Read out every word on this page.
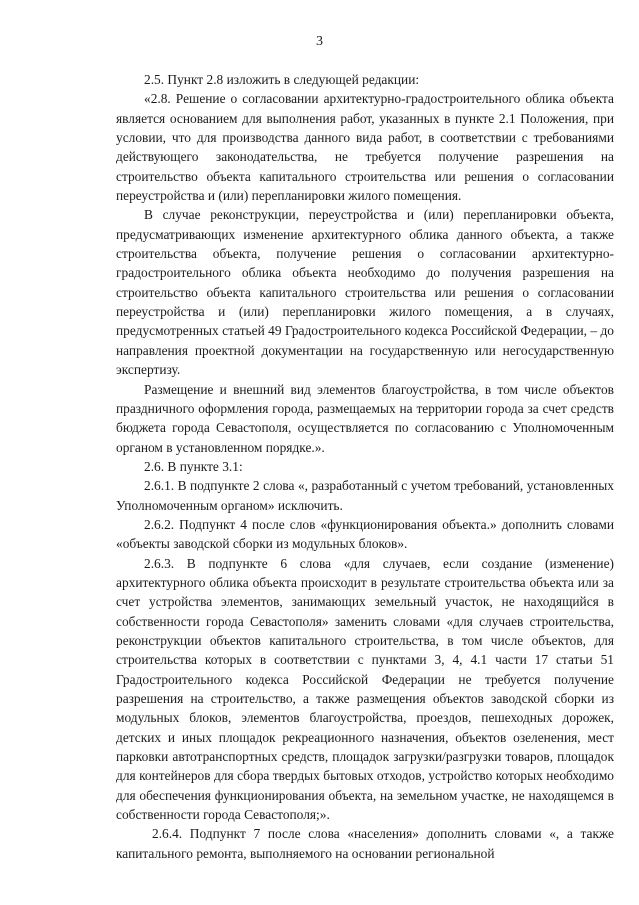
3

2.5. Пункт 2.8 изложить в следующей редакции:

«2.8. Решение о согласовании архитектурно-градостроительного облика объекта является основанием для выполнения работ, указанных в пункте 2.1 Положения, при условии, что для производства данного вида работ, в соответствии с требованиями действующего законодательства, не требуется получение разрешения на строительство объекта капитального строительства или решения о согласовании переустройства и (или) перепланировки жилого помещения.

В случае реконструкции, переустройства и (или) перепланировки объекта, предусматривающих изменение архитектурного облика данного объекта, а также строительства объекта, получение решения о согласовании архитектурно-градостроительного облика объекта необходимо до получения разрешения на строительство объекта капитального строительства или решения о согласовании переустройства и (или) перепланировки жилого помещения, а в случаях, предусмотренных статьей 49 Градостроительного кодекса Российской Федерации, – до направления проектной документации на государственную или негосударственную экспертизу.

Размещение и внешний вид элементов благоустройства, в том числе объектов праздничного оформления города, размещаемых на территории города за счет средств бюджета города Севастополя, осуществляется по согласованию с Уполномоченным органом в установленном порядке.».

2.6. В пункте 3.1:

2.6.1. В подпункте 2 слова «, разработанный с учетом требований, установленных Уполномоченным органом» исключить.

2.6.2. Подпункт 4 после слов «функционирования объекта.» дополнить словами «объекты заводской сборки из модульных блоков».

2.6.3. В подпункте 6 слова «для случаев, если создание (изменение) архитектурного облика объекта происходит в результате строительства объекта или за счет устройства элементов, занимающих земельный участок, не находящийся в собственности города Севастополя» заменить словами «для случаев строительства, реконструкции объектов капитального строительства, в том числе объектов, для строительства которых в соответствии с пунктами 3, 4, 4.1 части 17 статьи 51 Градостроительного кодекса Российской Федерации не требуется получение разрешения на строительство, а также размещения объектов заводской сборки из модульных блоков, элементов благоустройства, проездов, пешеходных дорожек, детских и иных площадок рекреационного назначения, объектов озеленения, мест парковки автотранспортных средств, площадок загрузки/разгрузки товаров, площадок для контейнеров для сбора твердых бытовых отходов, устройство которых необходимо для обеспечения функционирования объекта, на земельном участке, не находящемся в собственности города Севастополя;».

2.6.4. Подпункт 7 после слова «населения» дополнить словами «, а также капитального ремонта, выполняемого на основании региональной
